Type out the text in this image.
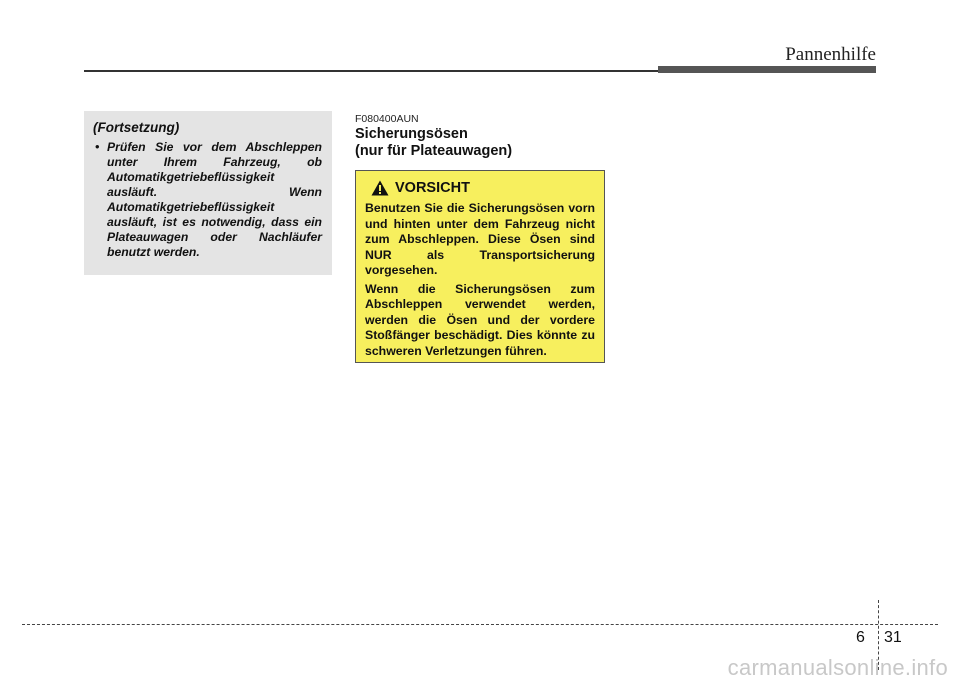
Pannenhilfe

(Fortsetzung)

• Prüfen Sie vor dem Abschleppen unter Ihrem Fahrzeug, ob Automatikgetriebeflüssigkeit ausläuft. Wenn Automatikgetriebeflüssigkeit ausläuft, ist es notwendig, dass ein Plateauwagen oder Nachläufer benutzt werden.

F080400AUN
Sicherungsösen
(nur für Plateauwagen)
VORSICHT

Benutzen Sie die Sicherungsösen vorn und hinten unter dem Fahrzeug nicht zum Abschleppen. Diese Ösen sind NUR als Transportsicherung vorgesehen.

Wenn die Sicherungsösen zum Abschleppen verwendet werden, werden die Ösen und der vordere Stoßfänger beschädigt. Dies könnte zu schweren Verletzungen führen.

6 31
carmanualsonline.info
